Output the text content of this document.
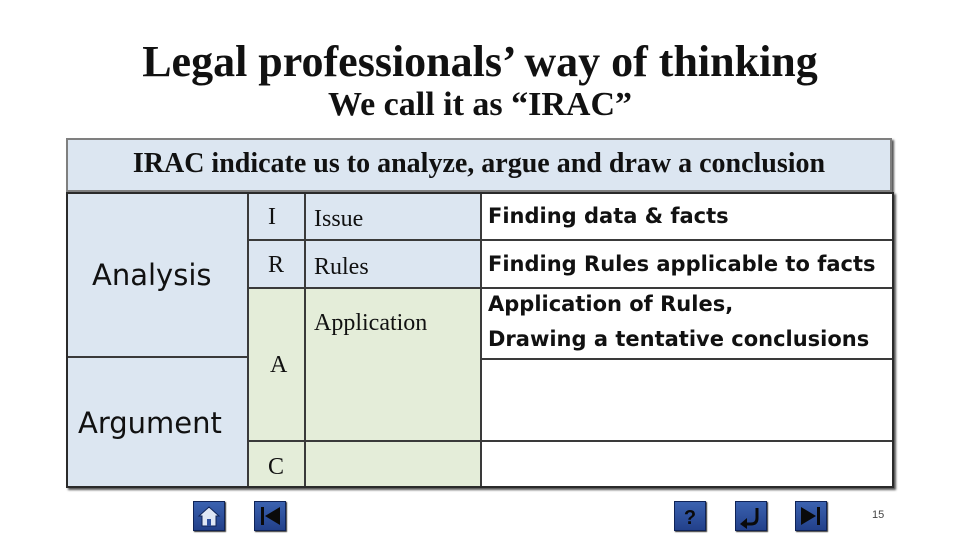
Legal professionals’ way of thinking
We call it as “IRAC”
IRAC indicate us to analyze, argue and draw a conclusion
Analysis
Argument
I
R
A
C
Issue
Rules
Application
Finding data & facts
Finding Rules applicable to facts
Application of Rules,
Drawing a tentative conclusions
?	15
